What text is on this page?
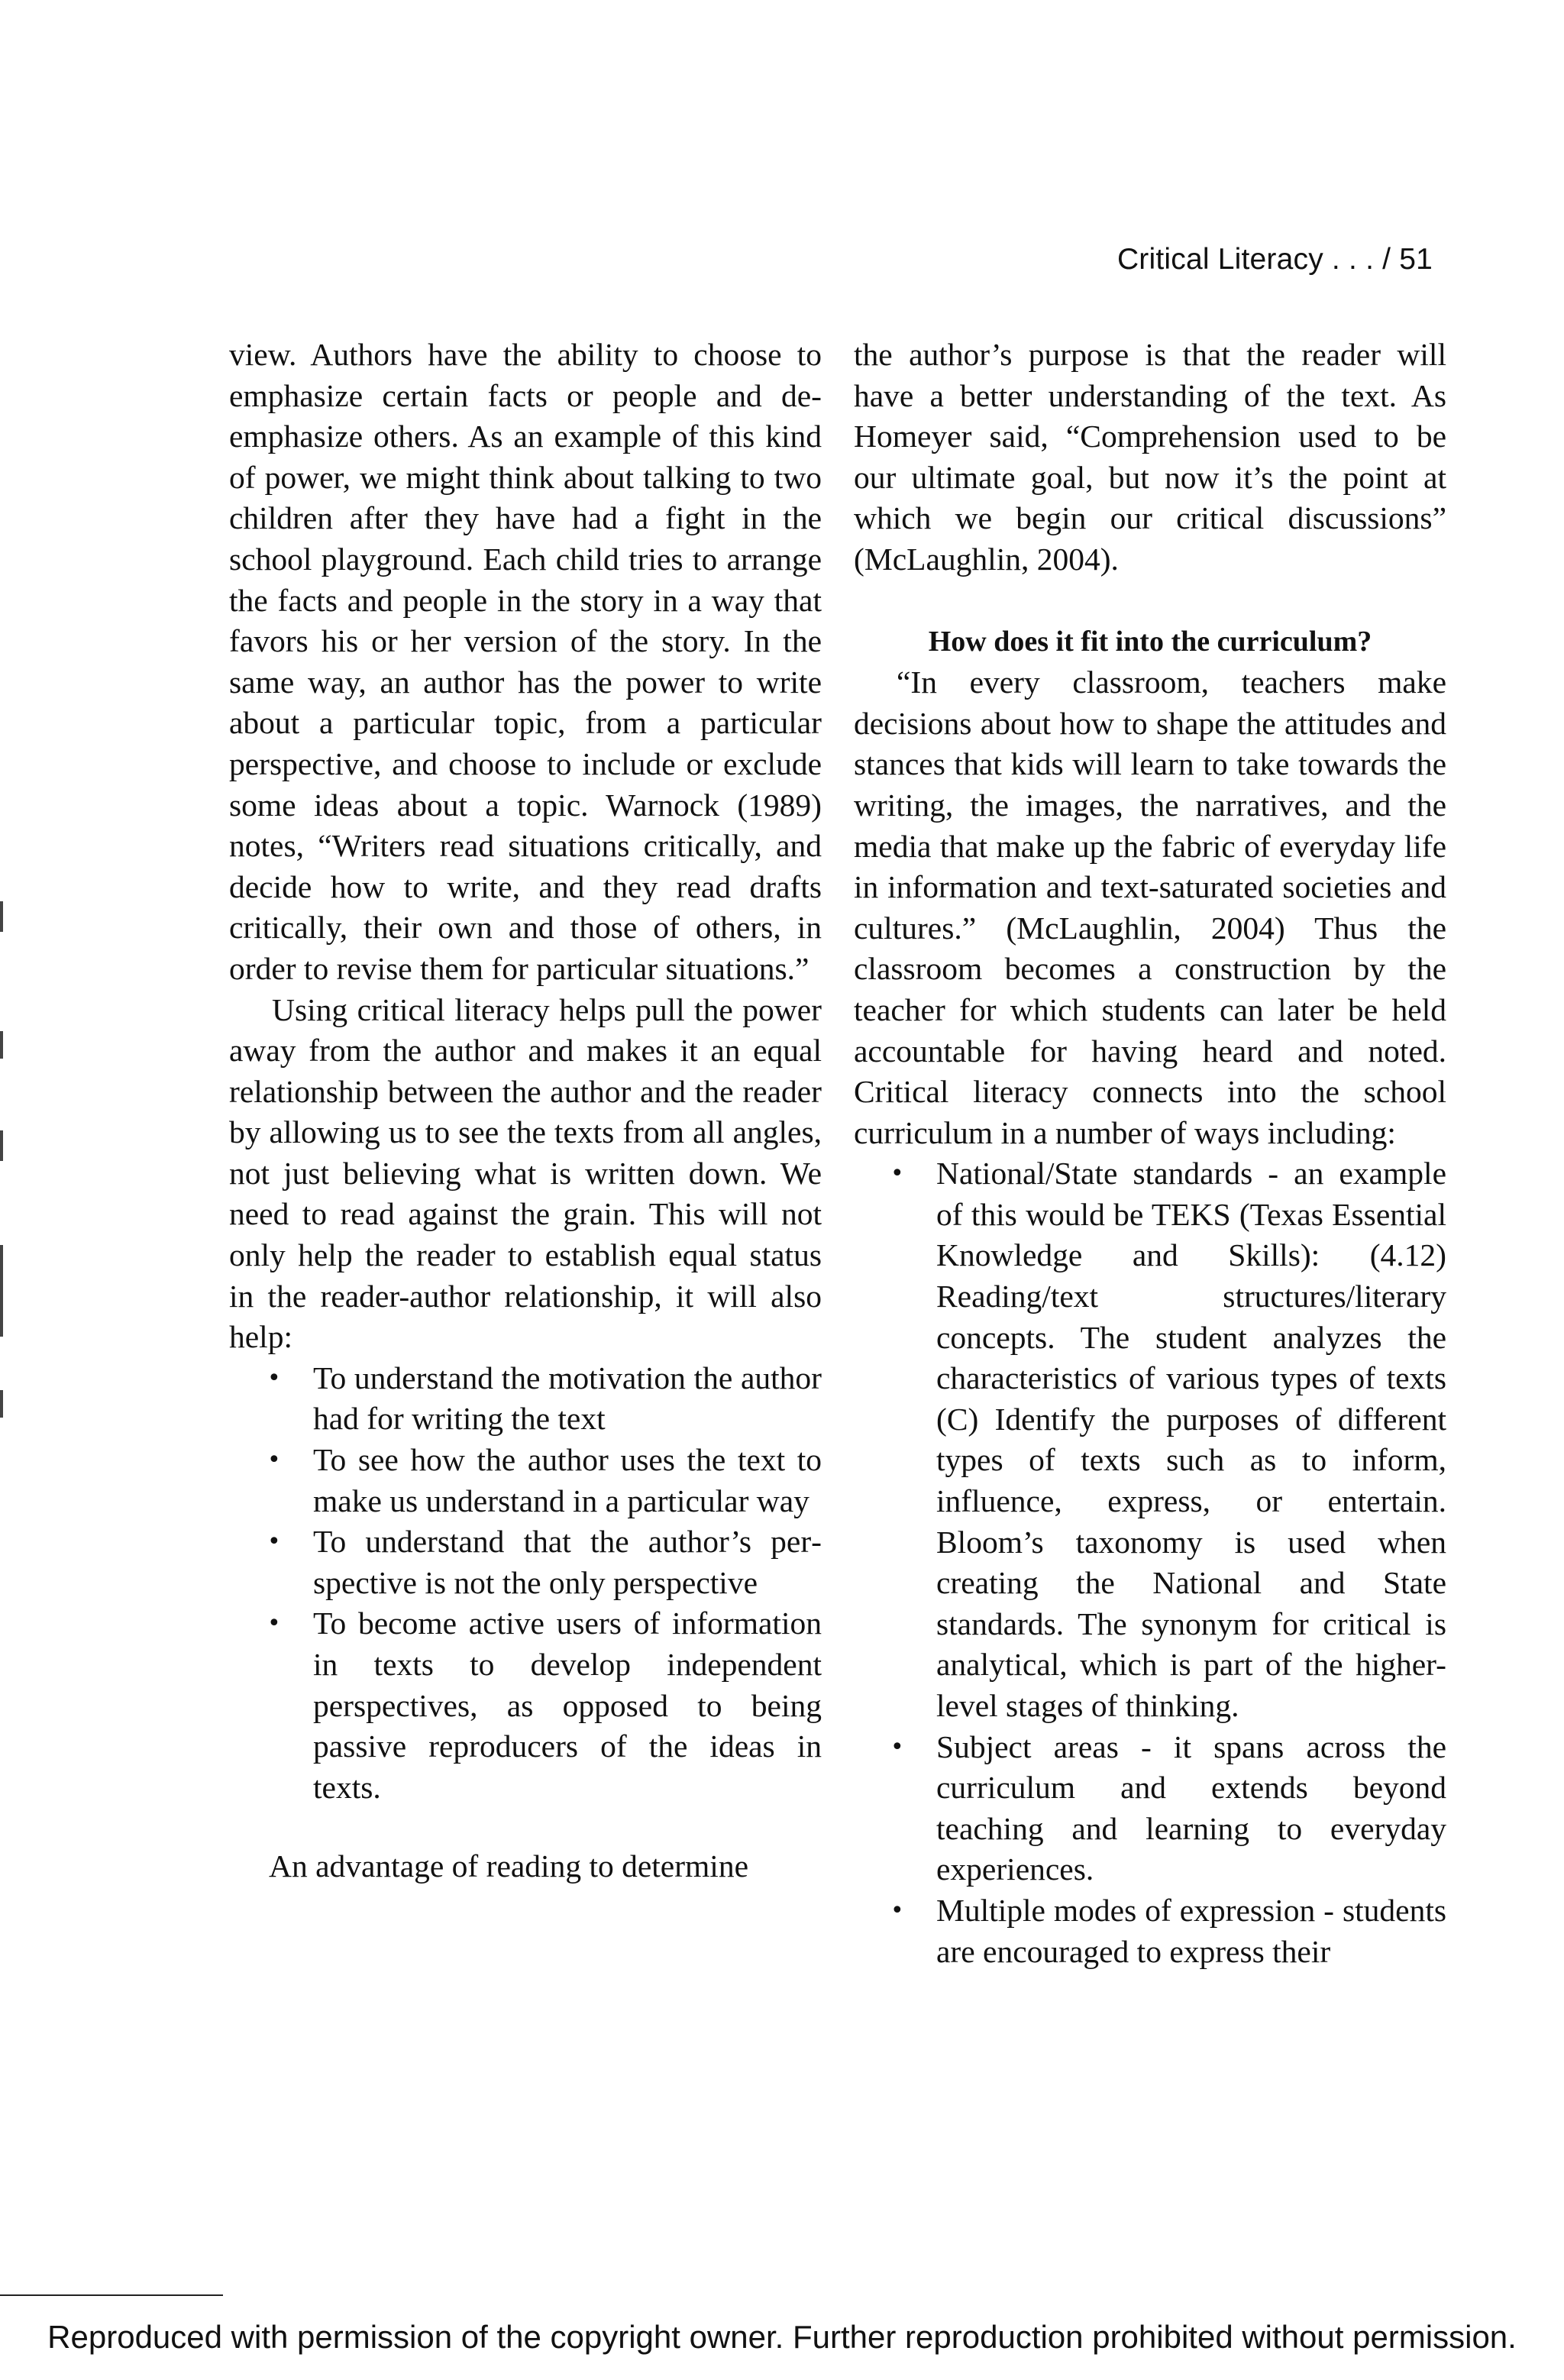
Critical Literacy . . . / 51

view. Authors have the ability to choose to emphasize certain facts or people and deemphasize others. As an example of this kind of power, we might think about talking to two children after they have had a fight in the school playground. Each child tries to arrange the facts and people in the story in a way that favors his or her version of the story. In the same way, an author has the power to write about a particular topic, from a particular perspective, and choose to include or exclude some ideas about a topic. Warnock (1989) notes, “Writers read situations critically, and decide how to write, and they read drafts critically, their own and those of others, in order to revise them for particular situations.”

Using critical literacy helps pull the power away from the author and makes it an equal relationship between the author and the reader by allowing us to see the texts from all angles, not just believing what is written down. We need to read against the grain. This will not only help the reader to establish equal status in the reader-author relationship, it will also help:

• To understand the motivation the author had for writing the text
• To see how the author uses the text to make us understand in a particular way
• To understand that the author’s perspective is not the only perspective
• To become active users of information in texts to develop independent perspectives, as opposed to being passive reproducers of the ideas in texts.

An advantage of reading to determine

the author’s purpose is that the reader will have a better understanding of the text. As Homeyer said, “Comprehension used to be our ultimate goal, but now it’s the point at which we begin our critical discussions” (McLaughlin, 2004).

How does it fit into the curriculum?

“In every classroom, teachers make decisions about how to shape the attitudes and stances that kids will learn to take towards the writing, the images, the narratives, and the media that make up the fabric of everyday life in information and text-saturated societies and cultures.” (McLaughlin, 2004) Thus the classroom becomes a construction by the teacher for which students can later be held accountable for having heard and noted. Critical literacy connects into the school curriculum in a number of ways including:

• National/State standards - an example of this would be TEKS (Texas Essential Knowledge and Skills): (4.12) Reading/text structures/literary concepts. The student analyzes the characteristics of various types of texts (C) Identify the purposes of different types of texts such as to inform, influence, express, or entertain. Bloom’s taxonomy is used when creating the National and State standards. The synonym for critical is analytical, which is part of the higher-level stages of thinking.
• Subject areas - it spans across the curriculum and extends beyond teaching and learning to everyday experiences.
• Multiple modes of expression - students are encouraged to express their
Reproduced with permission of the copyright owner. Further reproduction prohibited without permission.
